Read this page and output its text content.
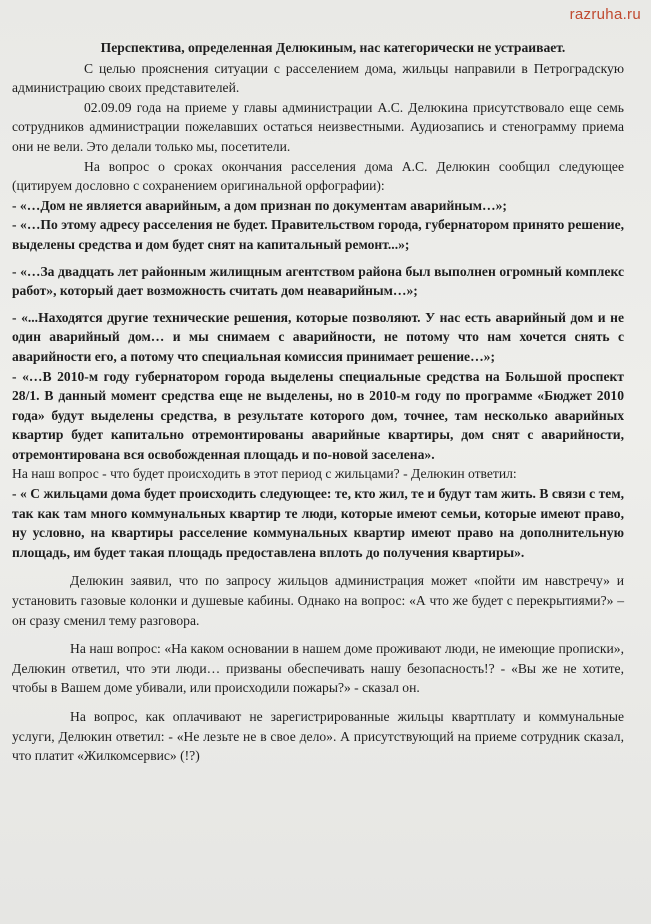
razruha.ru

Перспектива, определенная Делюкиным, нас категорически не устраивает.

С целью прояснения ситуации с расселением дома, жильцы направили в Петроградскую администрацию своих представителей.

02.09.09 года на приеме у главы администрации А.С. Делюкина присутствовало еще семь сотрудников администрации пожелавших остаться неизвестными. Аудиозапись и стенограмму приема они не вели. Это делали только мы, посетители.

На вопрос о сроках окончания расселения дома А.С. Делюкин сообщил следующее (цитируем дословно с сохранением оригинальной орфографии):

- «…Дом не является аварийным, а дом признан по документам аварийным…»;

- «…По этому адресу расселения не будет. Правительством города, губернатором принято решение, выделены средства и дом будет снят на капитальный ремонт...»;

- «…За двадцать лет районным жилищным агентством района был выполнен огромный комплекс работ», который дает возможность считать дом неаварийным…»;

- «...Находятся другие технические решения, которые позволяют. У нас есть аварийный дом и не один аварийный дом… и мы снимаем с аварийности, не потому что нам хочется снять с аварийности его, а потому что специальная комиссия принимает решение…»;

- «…В 2010-м году губернатором города выделены специальные средства на Большой проспект 28/1. В данный момент средства еще не выделены, но в 2010-м году по программе «Бюджет 2010 года» будут выделены средства, в результате которого дом, точнее, там несколько аварийных квартир будет капитально отремонтированы аварийные квартиры, дом снят с аварийности, отремонтирована вся освобожденная площадь и по-новой заселена».

На наш вопрос - что будет происходить в этот период с жильцами? - Делюкин ответил:

- « С жильцами дома будет происходить следующее: те, кто жил, те и будут там жить. В связи с тем, так как там много коммунальных квартир те люди, которые имеют семьи, которые имеют право, ну условно, на квартиры расселение коммунальных квартир имеют право на дополнительную площадь, им будет такая площадь предоставлена вплоть до получения квартиры».

Делюкин заявил, что по запросу жильцов администрация может «пойти им навстречу» и установить газовые колонки и душевые кабины. Однако на вопрос: «А что же будет с перекрытиями?» – он сразу сменил тему разговора.

На наш вопрос: «На каком основании в нашем доме проживают люди, не имеющие прописки», Делюкин ответил, что эти люди… призваны обеспечивать нашу безопасность!? - «Вы же не хотите, чтобы в Вашем доме убивали, или происходили пожары?» - сказал он.

На вопрос, как оплачивают не зарегистрированные жильцы квартплату и коммунальные услуги, Делюкин ответил: - «Не лезьте не в свое дело». А присутствующий на приеме сотрудник сказал, что платит «Жилкомсервис» (!?)
